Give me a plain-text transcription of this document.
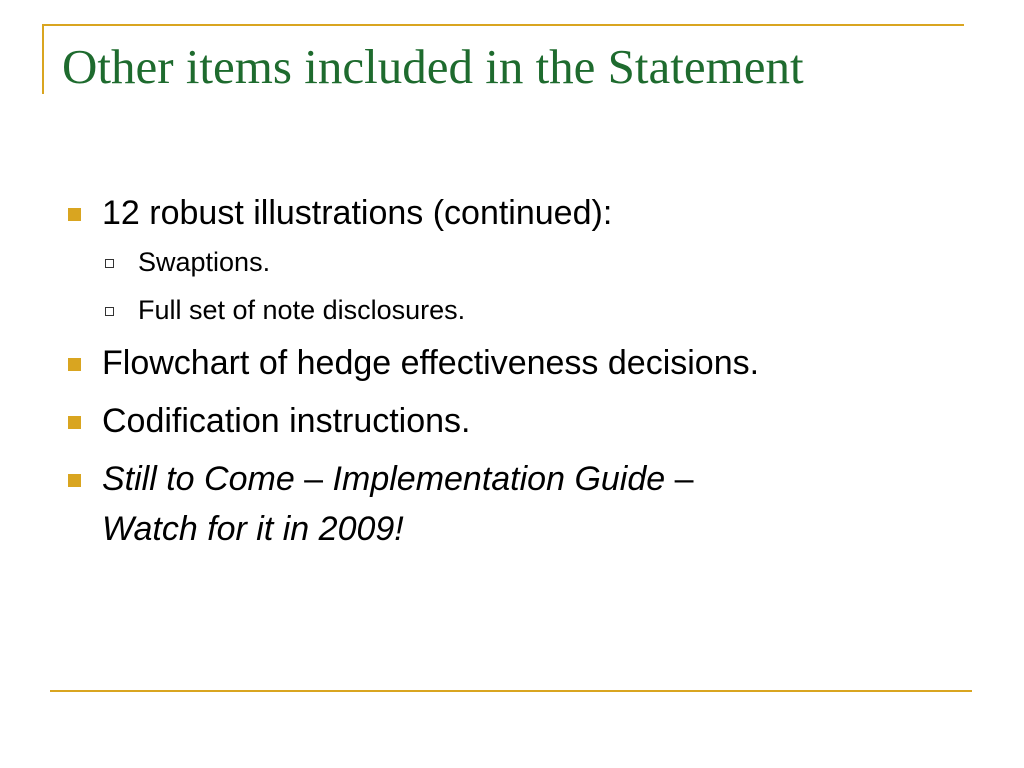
Other items included in the Statement
12 robust illustrations (continued):
Swaptions.
Full set of note disclosures.
Flowchart of hedge effectiveness decisions.
Codification instructions.
Still to Come – Implementation Guide –
Watch for it in 2009!
